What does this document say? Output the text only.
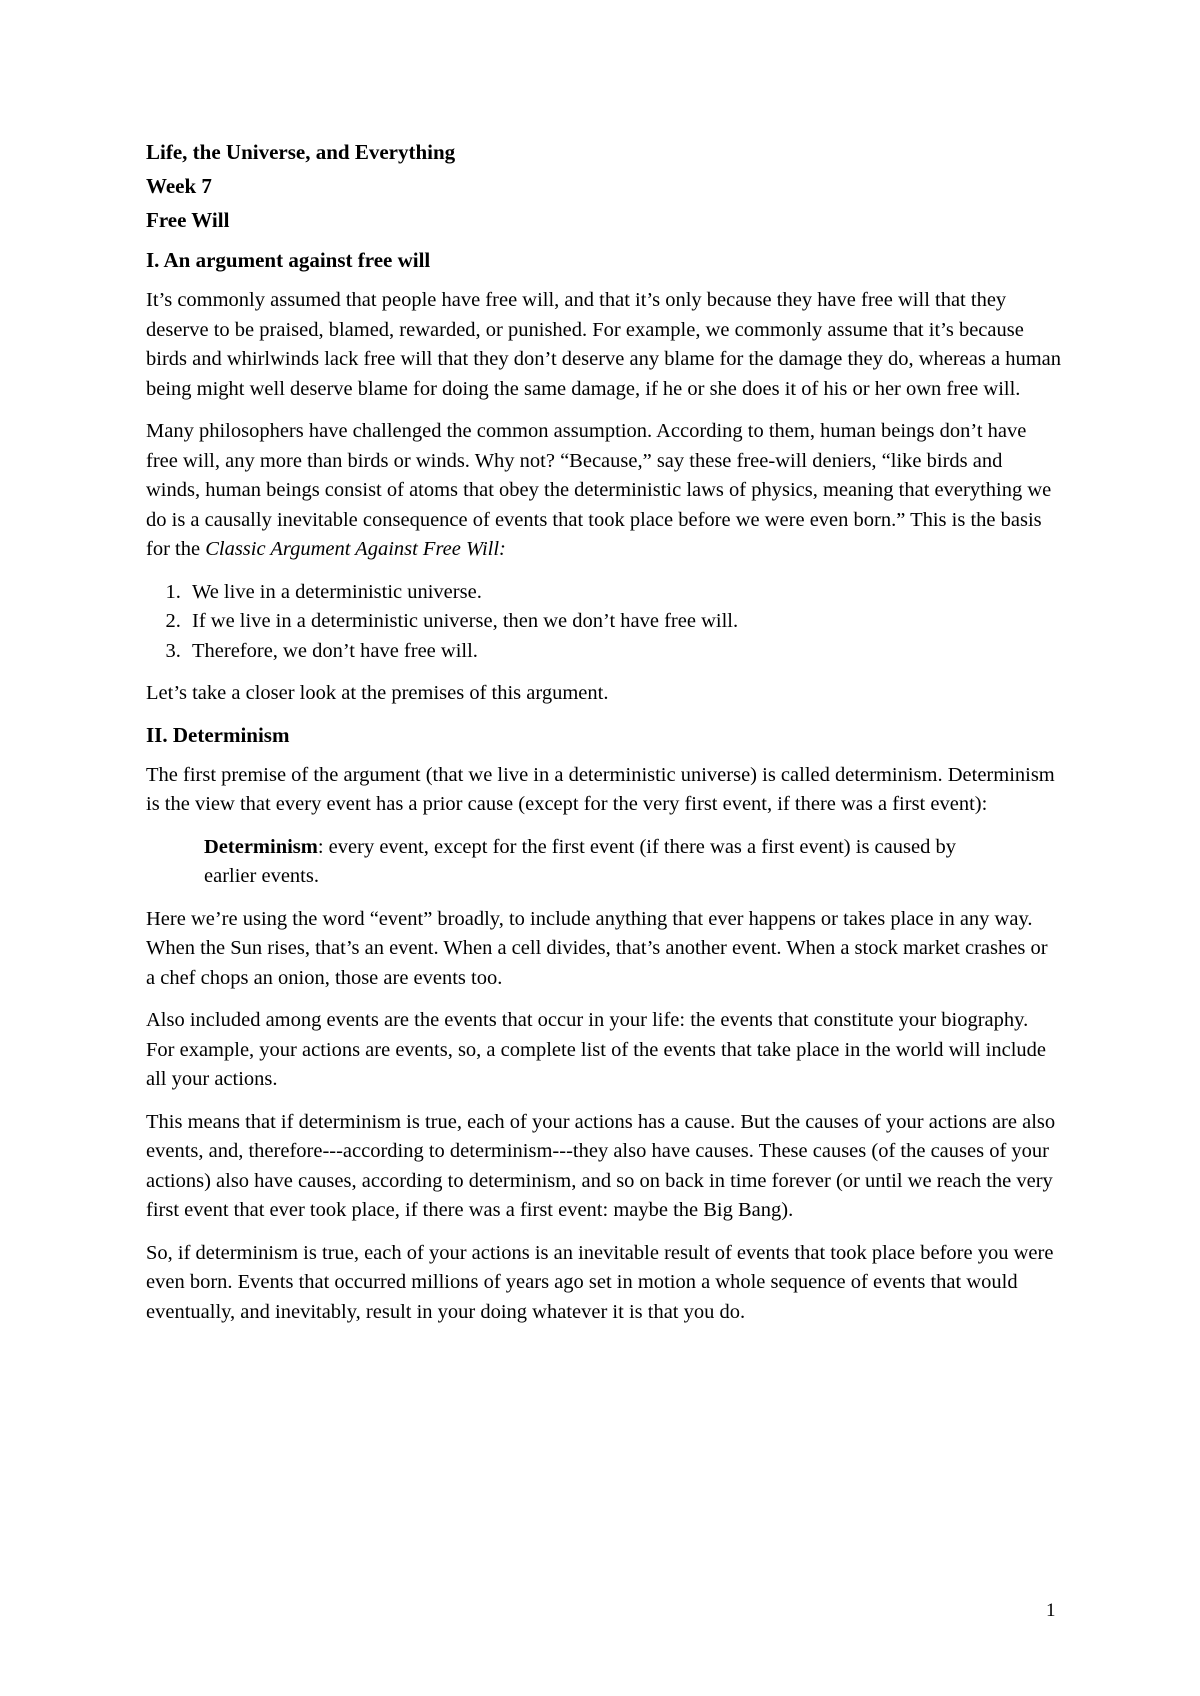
Life, the Universe, and Everything
Week 7
Free Will
I. An argument against free will

It’s commonly assumed that people have free will, and that it’s only because they have free will that they deserve to be praised, blamed, rewarded, or punished. For example, we commonly assume that it’s because birds and whirlwinds lack free will that they don’t deserve any blame for the damage they do, whereas a human being might well deserve blame for doing the same damage, if he or she does it of his or her own free will.

Many philosophers have challenged the common assumption. According to them, human beings don’t have free will, any more than birds or winds. Why not? “Because,” say these free-will deniers, “like birds and winds, human beings consist of atoms that obey the deterministic laws of physics, meaning that everything we do is a causally inevitable consequence of events that took place before we were even born.” This is the basis for the Classic Argument Against Free Will:

1. We live in a deterministic universe.
2. If we live in a deterministic universe, then we don’t have free will.
3. Therefore, we don’t have free will.

Let’s take a closer look at the premises of this argument.

II. Determinism

The first premise of the argument (that we live in a deterministic universe) is called determinism. Determinism is the view that every event has a prior cause (except for the very first event, if there was a first event):

Determinism: every event, except for the first event (if there was a first event) is caused by earlier events.

Here we’re using the word “event” broadly, to include anything that ever happens or takes place in any way. When the Sun rises, that’s an event. When a cell divides, that’s another event. When a stock market crashes or a chef chops an onion, those are events too.

Also included among events are the events that occur in your life: the events that constitute your biography. For example, your actions are events, so, a complete list of the events that take place in the world will include all your actions.

This means that if determinism is true, each of your actions has a cause. But the causes of your actions are also events, and, therefore---according to determinism---they also have causes. These causes (of the causes of your actions) also have causes, according to determinism, and so on back in time forever (or until we reach the very first event that ever took place, if there was a first event: maybe the Big Bang).

So, if determinism is true, each of your actions is an inevitable result of events that took place before you were even born. Events that occurred millions of years ago set in motion a whole sequence of events that would eventually, and inevitably, result in your doing whatever it is that you do.

1
